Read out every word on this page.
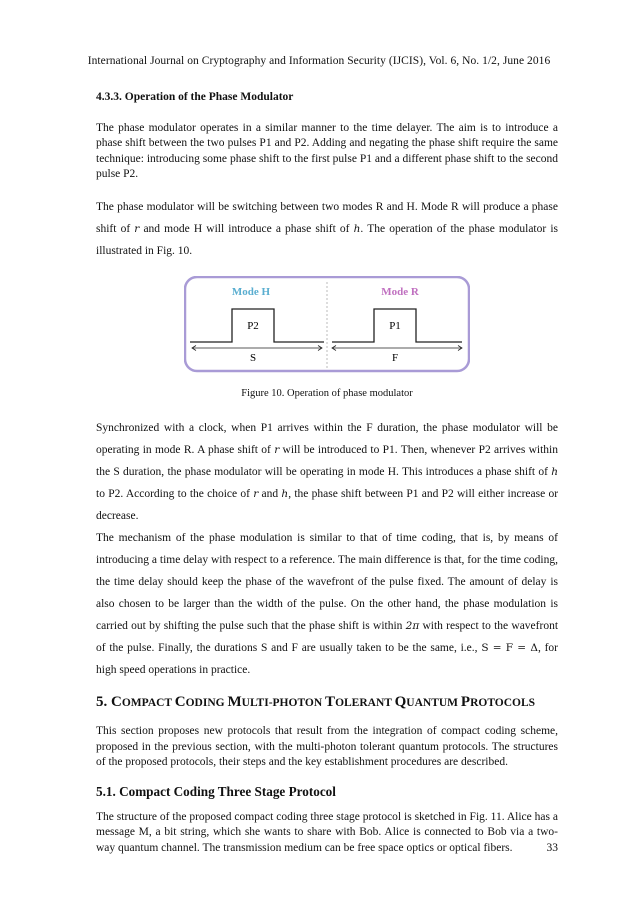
International Journal on Cryptography and Information Security (IJCIS), Vol. 6, No. 1/2, June 2016
4.3.3. Operation of the Phase Modulator

The phase modulator operates in a similar manner to the time delayer. The aim is to introduce a phase shift between the two pulses P1 and P2. Adding and negating the phase shift require the same technique: introducing some phase shift to the first pulse P1 and a different phase shift to the second pulse P2.

The phase modulator will be switching between two modes R and H. Mode R will produce a phase shift of r and mode H will introduce a phase shift of h. The operation of the phase modulator is illustrated in Fig. 10.

Mode H	Mode R
P2	P1
S	F
Figure 10. Operation of phase modulator

Synchronized with a clock, when P1 arrives within the F duration, the phase modulator will be operating in mode R. A phase shift of r will be introduced to P1. Then, whenever P2 arrives within the S duration, the phase modulator will be operating in mode H. This introduces a phase shift of h to P2. According to the choice of r and h, the phase shift between P1 and P2 will either increase or decrease.

The mechanism of the phase modulation is similar to that of time coding, that is, by means of introducing a time delay with respect to a reference. The main difference is that, for the time coding, the time delay should keep the phase of the wavefront of the pulse fixed. The amount of delay is also chosen to be larger than the width of the pulse. On the other hand, the phase modulation is carried out by shifting the pulse such that the phase shift is within 2π with respect to the wavefront of the pulse. Finally, the durations S and F are usually taken to be the same, i.e., S = F = Δ, for high speed operations in practice.

5. COMPACT CODING MULTI-PHOTON TOLERANT QUANTUM PROTOCOLS

This section proposes new protocols that result from the integration of compact coding scheme, proposed in the previous section, with the multi-photon tolerant quantum protocols. The structures of the proposed protocols, their steps and the key establishment procedures are described.

5.1. Compact Coding Three Stage Protocol

The structure of the proposed compact coding three stage protocol is sketched in Fig. 11. Alice has a message M, a bit string, which she wants to share with Bob. Alice is connected to Bob via a two-way quantum channel. The transmission medium can be free space optics or optical fibers.	33
